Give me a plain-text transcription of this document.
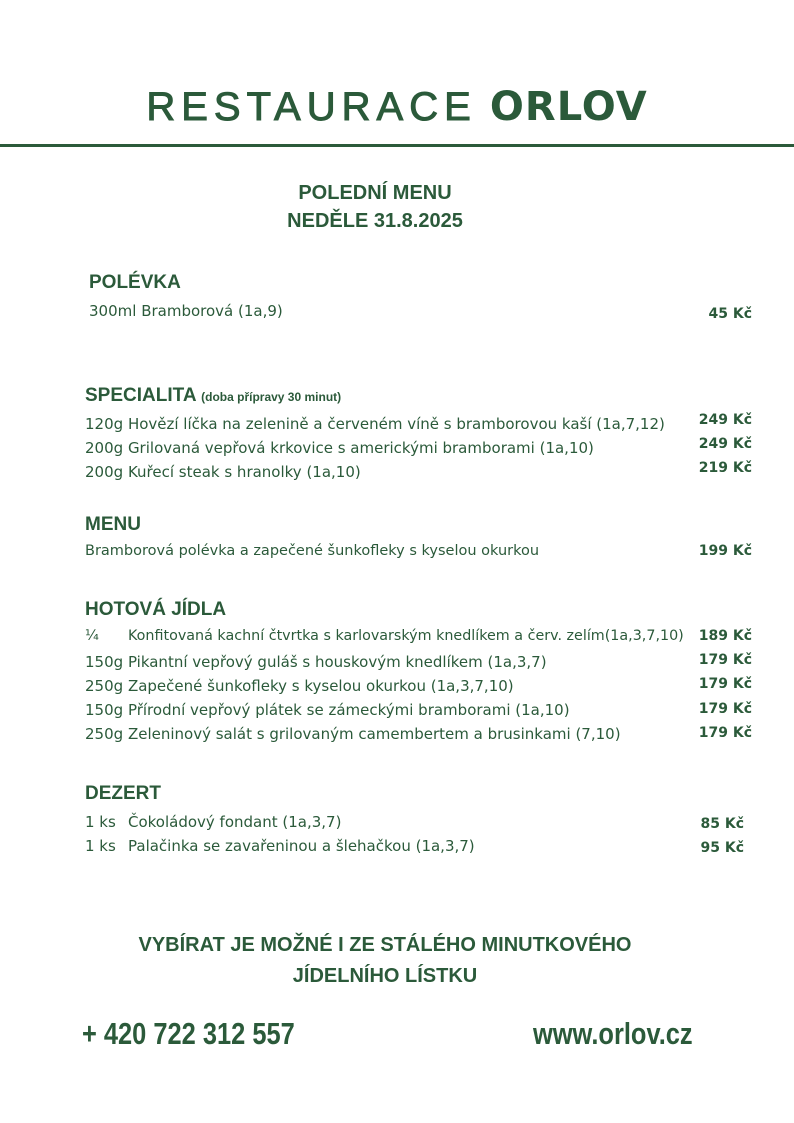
RESTAURACE ORLOV
POLEDNÍ MENU
NEDĚLE 31.8.2025
POLÉVKA
300ml Bramborová (1a,9)	45 Kč
SPECIALITA (doba přípravy 30 minut)
120g Hovězí líčka na zelenině a červeném víně s bramborovou kaší (1a,7,12)	249 Kč
200g Grilovaná vepřová krkovice s americkými bramborami (1a,10)	249 Kč
200g Kuřecí steak s hranolky (1a,10)	219 Kč
MENU
Bramborová polévka a zapečené šunkofleky s kyselou okurkou	199 Kč
HOTOVÁ JÍDLA
¼ Konfitovaná kachní čtvrtka s karlovarským knedlíkem a červ. zelím(1a,3,7,10)	189 Kč
150g Pikantní vepřový guláš s houskovým knedlíkem (1a,3,7)	179 Kč
250g Zapečené šunkofleky s kyselou okurkou (1a,3,7,10)	179 Kč
150g Přírodní vepřový plátek se zámeckými bramborami (1a,10)	179 Kč
250g Zeleninový salát s grilovaným camembertem a brusinkami (7,10)	179 Kč
DEZERT
1 ks Čokoládový fondant (1a,3,7)	85 Kč
1 ks Palačinka se zavařeninou a šlehačkou (1a,3,7)	95 Kč
VYBÍRAT JE MOŽNÉ I ZE STÁLÉHO MINUTKOVÉHO
JÍDELNÍHO LÍSTKU
+ 420 722 312 557	www.orlov.cz
